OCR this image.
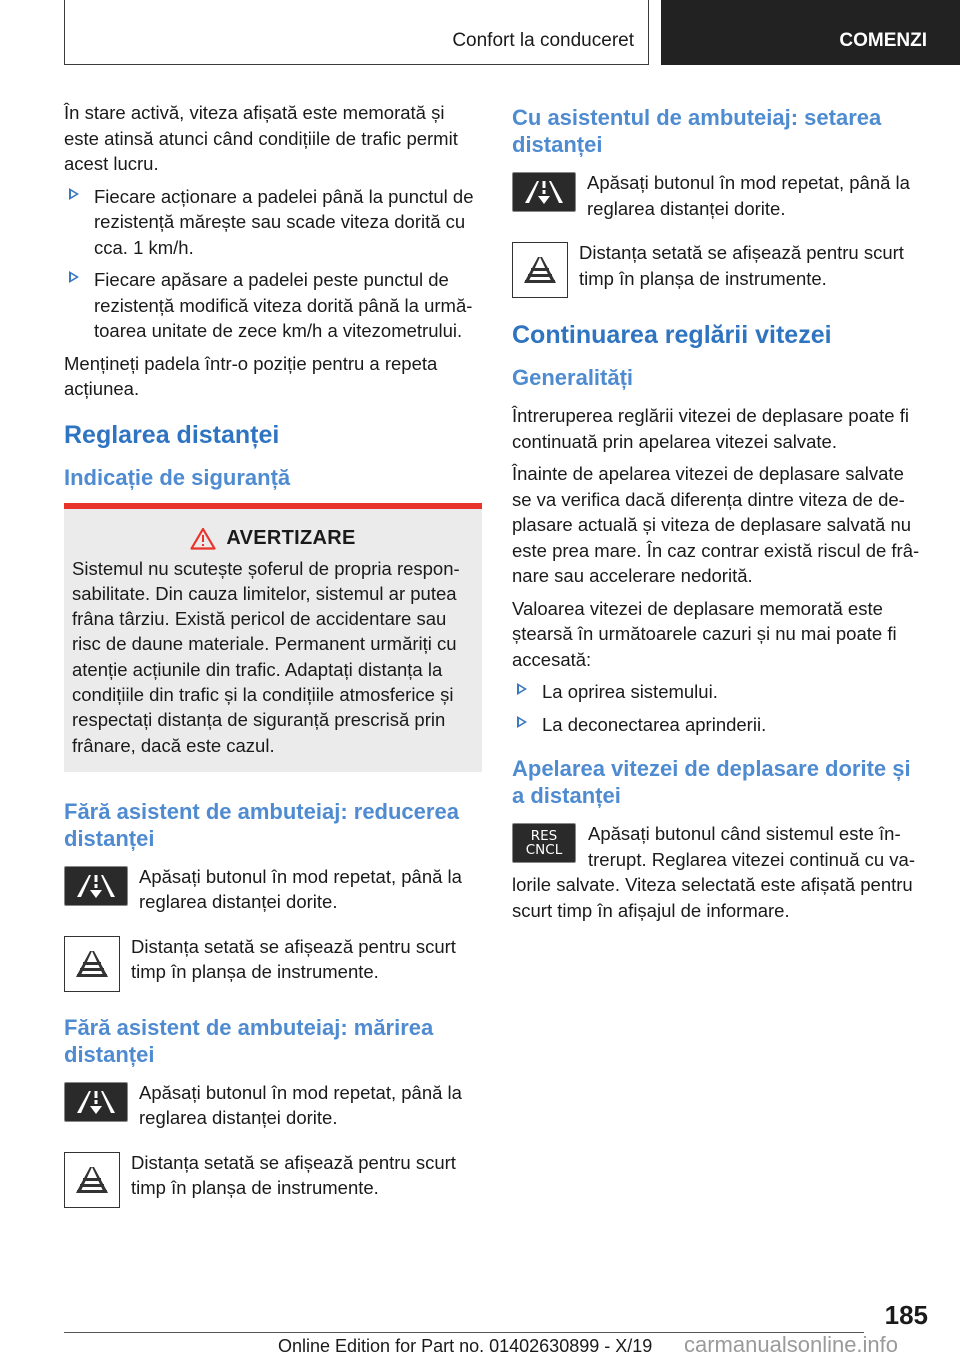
Confort la conduceret	COMENZI

În stare activă, viteza afișată este memorată și este atinsă atunci când condițiile de trafic permit acest lucru.

Fiecare acționare a padelei până la punctul de rezistență mărește sau scade viteza dorită cu cca. 1 km/h.
Fiecare apăsare a padelei peste punctul de rezistență modifică viteza dorită până la următoarea unitate de zece km/h a vitezometrului.

Mențineți padela într-o poziție pentru a repeta acțiunea.

Reglarea distanței
Indicație de siguranță
AVERTIZARE

Sistemul nu scutește șoferul de propria responsabilitate. Din cauza limitelor, sistemul ar putea frâna târziu. Există pericol de accidentare sau risc de daune materiale. Permanent urmăriți cu atenție acțiunile din trafic. Adaptați distanța la condițiile din trafic și la condițiile atmosferice și respectați distanța de siguranță prescrisă prin frânare, dacă este cazul.

Fără asistent de ambuteiaj: reducerea distanței
Apăsați butonul în mod repetat, până la reglarea distanței dorite.
Distanța setată se afișează pentru scurt timp în planșa de instrumente.
Fără asistent de ambuteiaj: mărirea distanței
Apăsați butonul în mod repetat, până la reglarea distanței dorite.
Distanța setată se afișează pentru scurt timp în planșa de instrumente.
Cu asistentul de ambuteiaj: setarea distanței
Apăsați butonul în mod repetat, până la reglarea distanței dorite.
Distanța setată se afișează pentru scurt timp în planșa de instrumente.
Continuarea reglării vitezei
Generalități

Întreruperea reglării vitezei de deplasare poate fi continuată prin apelarea vitezei salvate.

Înainte de apelarea vitezei de deplasare salvate se va verifica dacă diferența dintre viteza de deplasare actuală și viteza de deplasare salvată nu este prea mare. În caz contrar există riscul de frânare sau accelerare nedorită.

Valoarea vitezei de deplasare memorată este ștearsă în următoarele cazuri și nu mai poate fi accesată:

La oprirea sistemului.
La deconectarea aprinderii.
Apelarea vitezei de deplasare dorite și a distanței
RES
CNCL
Apăsați butonul când sistemul este întrerupt. Reglarea vitezei continuă cu valorile salvate. Viteza selectată este afișată pentru scurt timp în afișajul de informare.
185
Online Edition for Part no. 01402630899 - X/19 carmanualsonline.info
